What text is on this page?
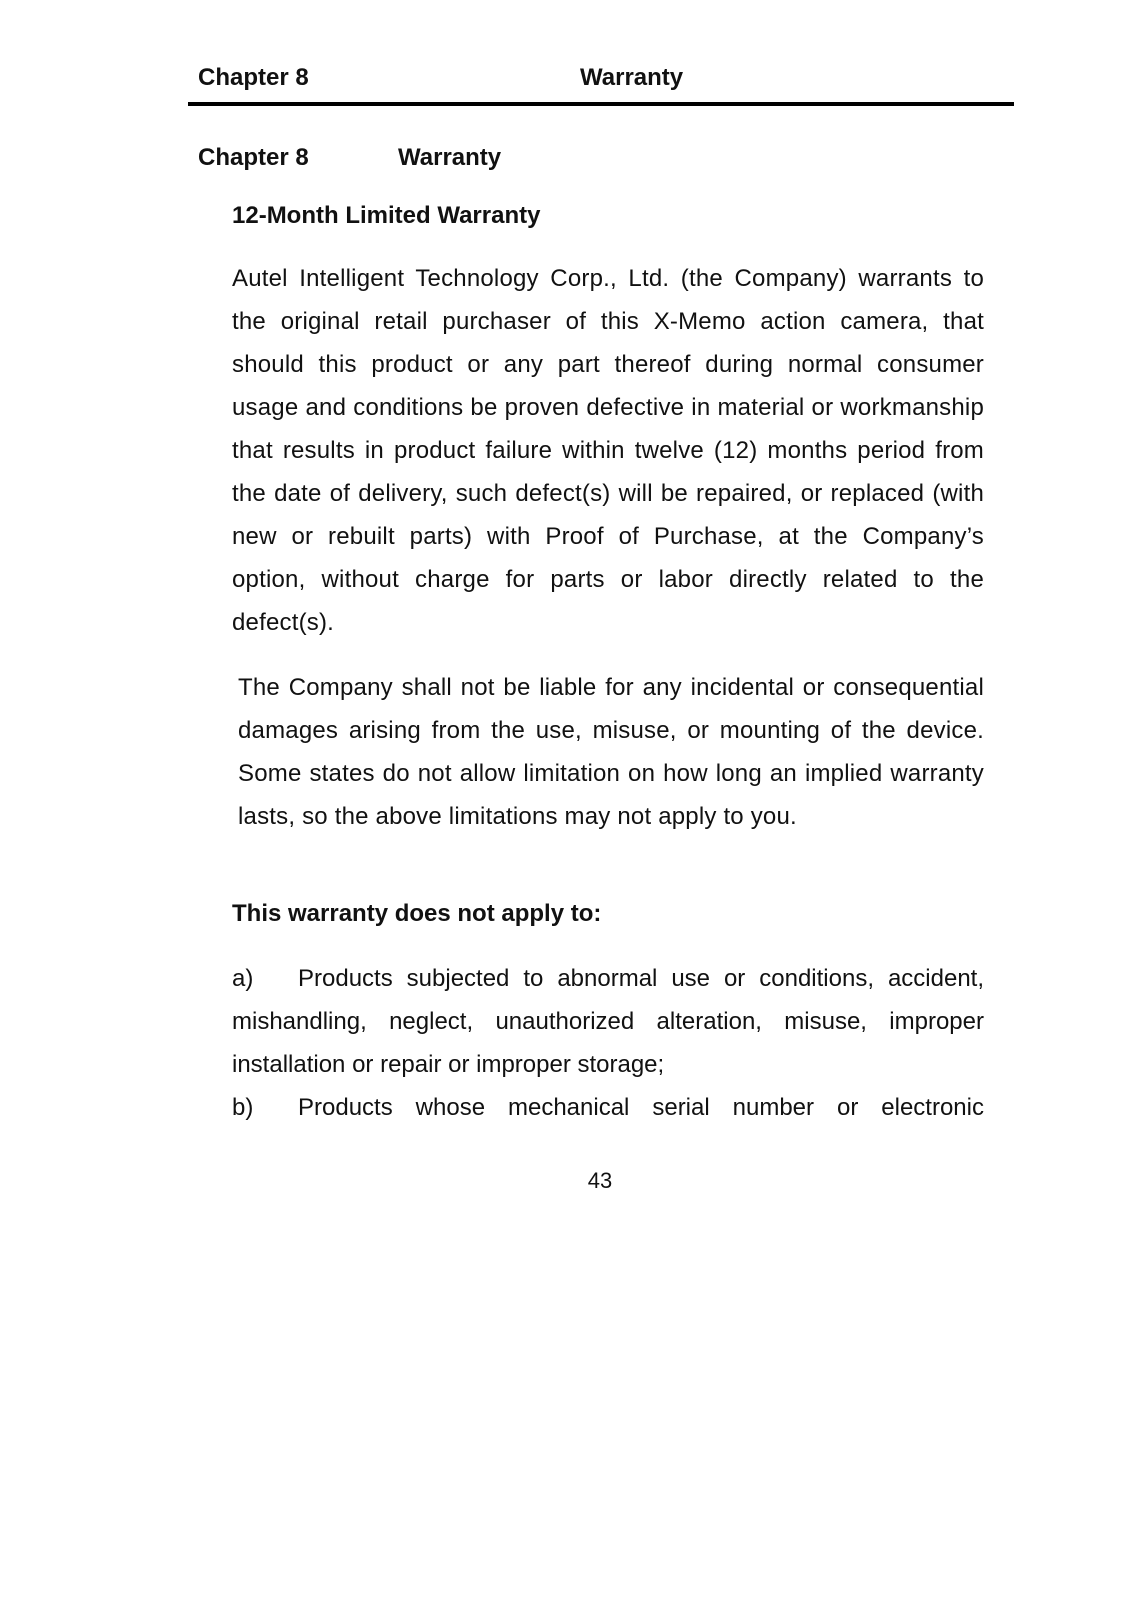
Chapter 8	Warranty
Chapter 8	Warranty
12-Month Limited Warranty
Autel Intelligent Technology Corp., Ltd. (the Company) warrants to the original retail purchaser of this X-Memo action camera, that should this product or any part thereof during normal consumer usage and conditions be proven defective in material or workmanship that results in product failure within twelve (12) months period from the date of delivery, such defect(s) will be repaired, or replaced (with new or rebuilt parts) with Proof of Purchase, at the Company’s option, without charge for parts or labor directly related to the defect(s).
The Company shall not be liable for any incidental or consequential damages arising from the use, misuse, or mounting of the device. Some states do not allow limitation on how long an implied warranty lasts, so the above limitations may not apply to you.
This warranty does not apply to:

a) Products subjected to abnormal use or conditions, accident, mishandling, neglect, unauthorized alteration, misuse, improper installation or repair or improper storage;

b) Products whose mechanical serial number or electronic

43
